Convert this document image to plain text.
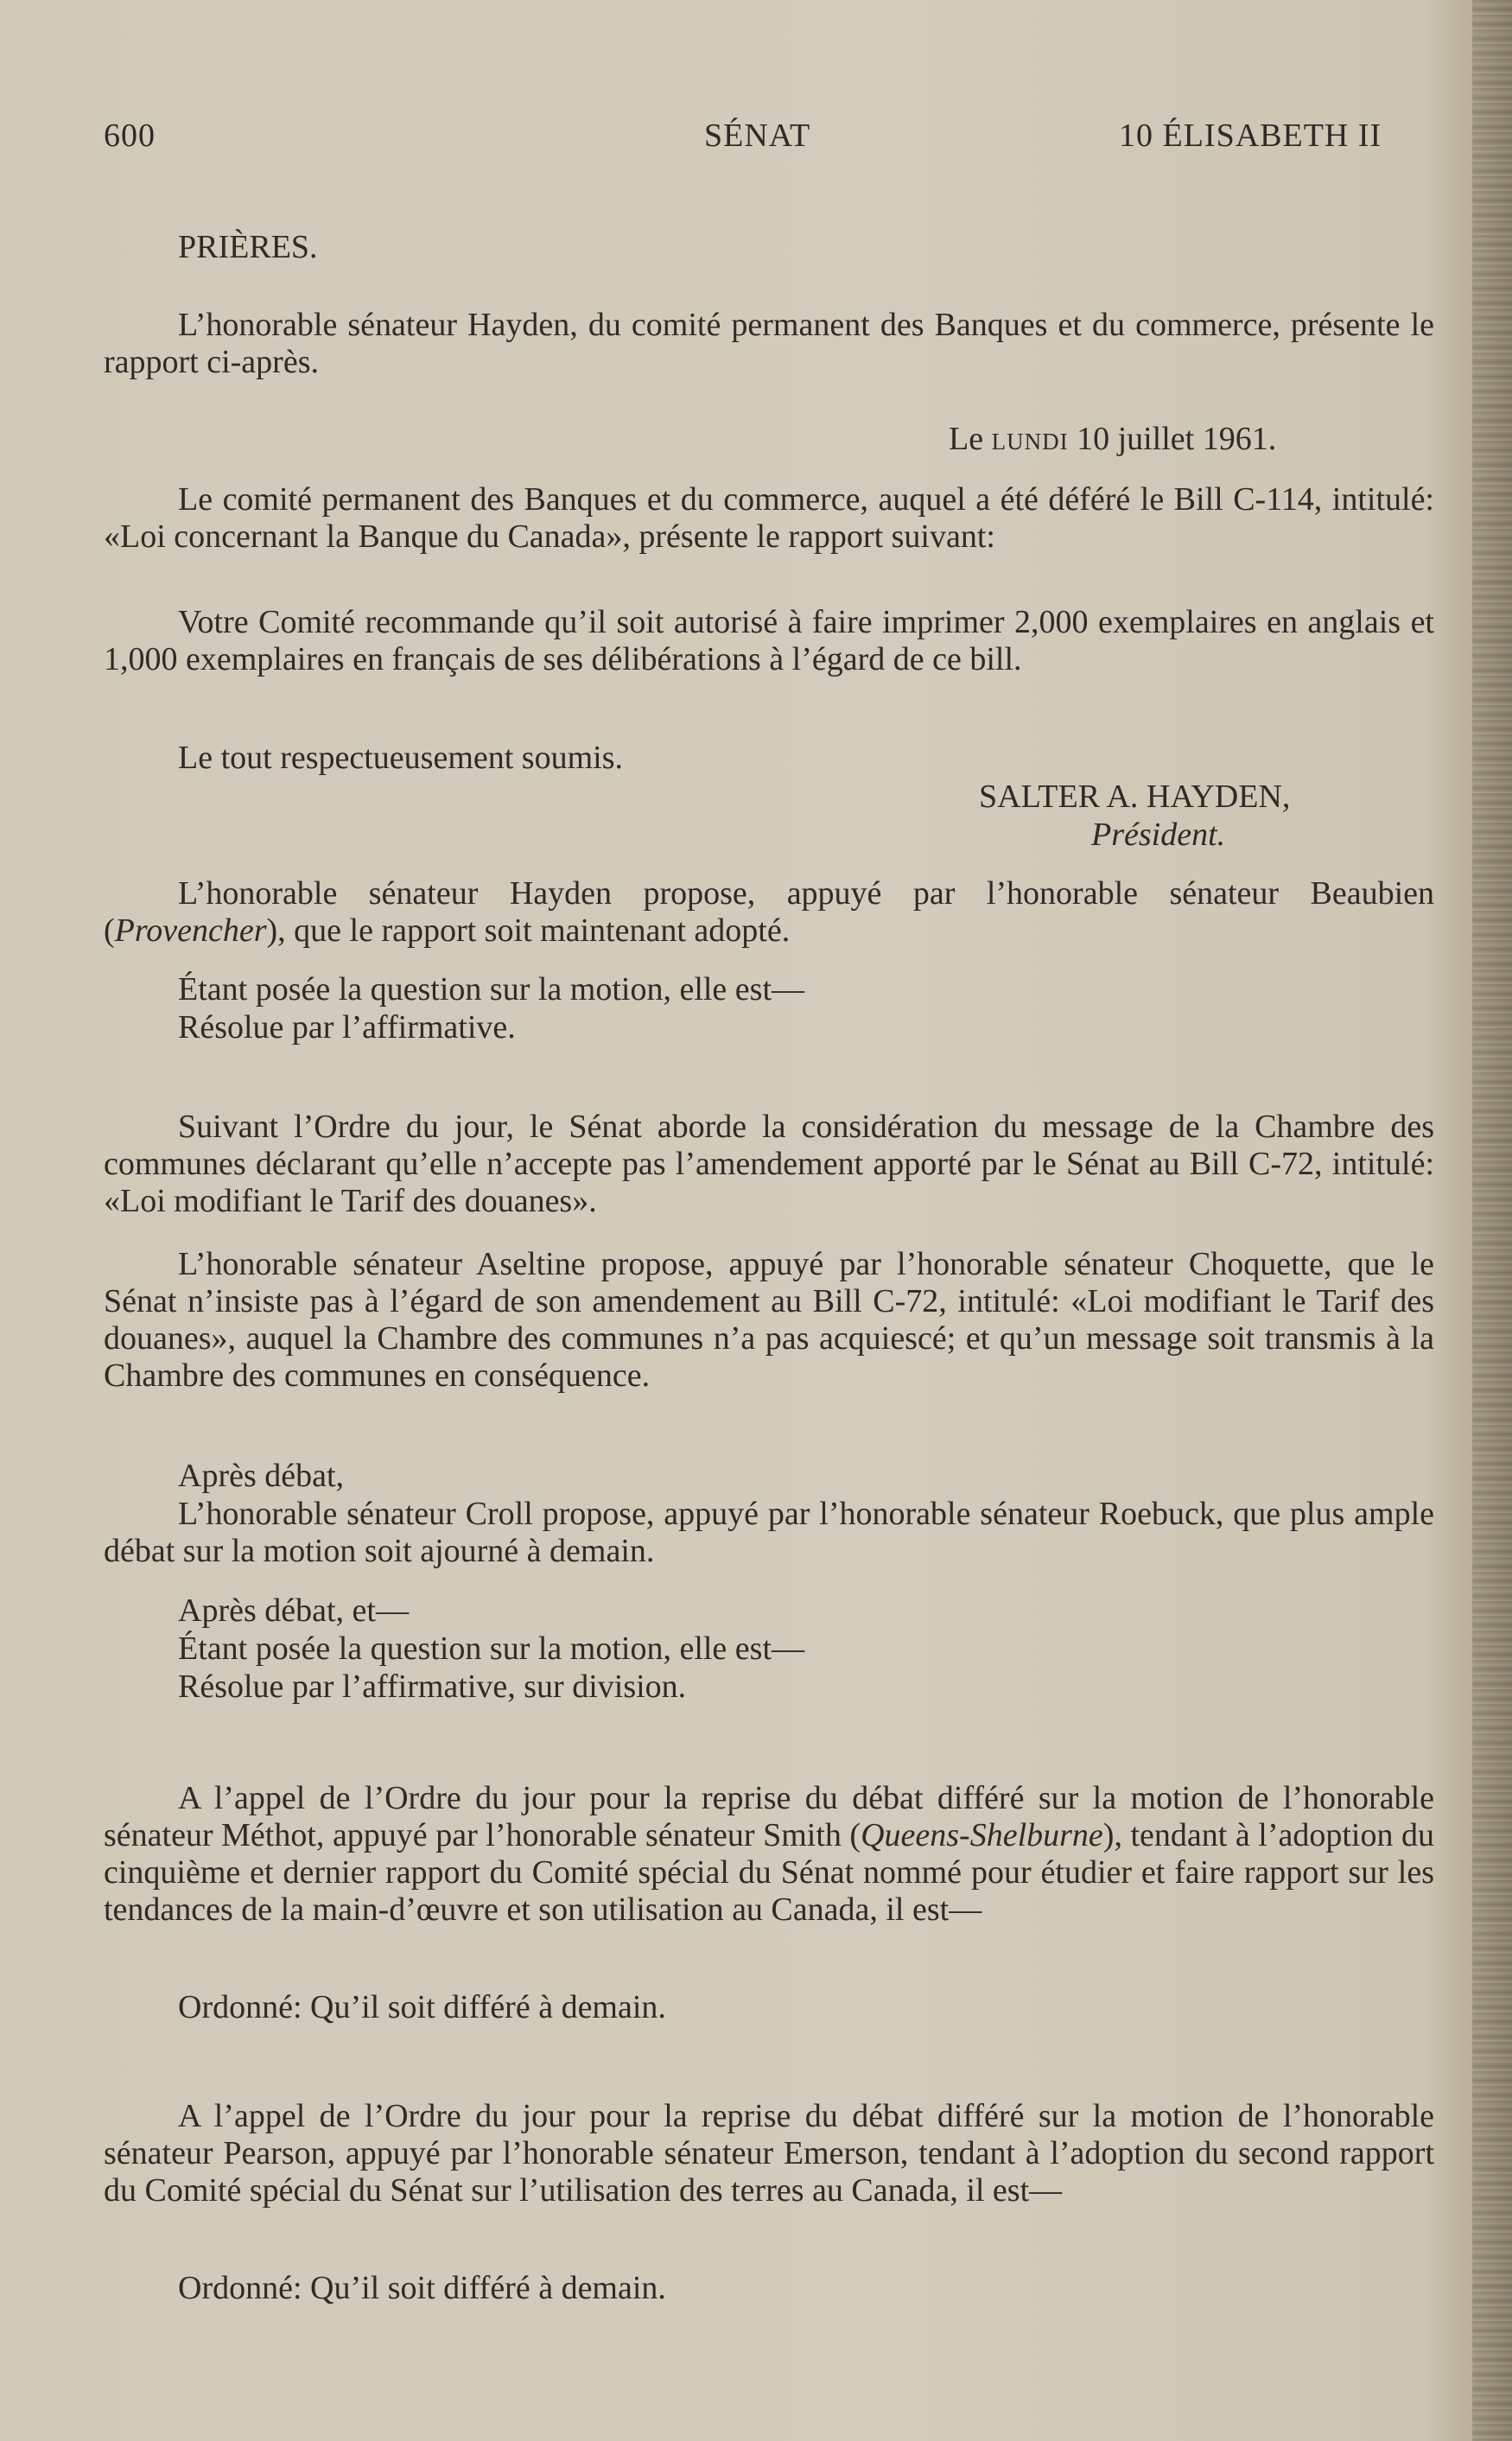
600	SÉNAT	10 ÉLISABETH II
PRIÈRES.
L’honorable sénateur Hayden, du comité permanent des Banques et du commerce, présente le rapport ci-après.
Le lundi 10 juillet 1961.
Le comité permanent des Banques et du commerce, auquel a été déféré le Bill C-114, intitulé: «Loi concernant la Banque du Canada», présente le rapport suivant:
Votre Comité recommande qu’il soit autorisé à faire imprimer 2,000 exemplaires en anglais et 1,000 exemplaires en français de ses délibérations à l’égard de ce bill.
Le tout respectueusement soumis.
SALTER A. HAYDEN,
Président.
L’honorable sénateur Hayden propose, appuyé par l’honorable sénateur Beaubien (Provencher), que le rapport soit maintenant adopté.
Étant posée la question sur la motion, elle est—
Résolue par l’affirmative.
Suivant l’Ordre du jour, le Sénat aborde la considération du message de la Chambre des communes déclarant qu’elle n’accepte pas l’amendement apporté par le Sénat au Bill C-72, intitulé: «Loi modifiant le Tarif des douanes».
L’honorable sénateur Aseltine propose, appuyé par l’honorable sénateur Choquette, que le Sénat n’insiste pas à l’égard de son amendement au Bill C-72, intitulé: «Loi modifiant le Tarif des douanes», auquel la Chambre des communes n’a pas acquiescé; et qu’un message soit transmis à la Chambre des communes en conséquence.
Après débat,
L’honorable sénateur Croll propose, appuyé par l’honorable sénateur Roebuck, que plus ample débat sur la motion soit ajourné à demain.
Après débat, et—
Étant posée la question sur la motion, elle est—
Résolue par l’affirmative, sur division.
A l’appel de l’Ordre du jour pour la reprise du débat différé sur la motion de l’honorable sénateur Méthot, appuyé par l’honorable sénateur Smith (Queens-Shelburne), tendant à l’adoption du cinquième et dernier rapport du Comité spécial du Sénat nommé pour étudier et faire rapport sur les tendances de la main-d’œuvre et son utilisation au Canada, il est—
Ordonné: Qu’il soit différé à demain.
A l’appel de l’Ordre du jour pour la reprise du débat différé sur la motion de l’honorable sénateur Pearson, appuyé par l’honorable sénateur Emerson, tendant à l’adoption du second rapport du Comité spécial du Sénat sur l’utilisation des terres au Canada, il est—
Ordonné: Qu’il soit différé à demain.
